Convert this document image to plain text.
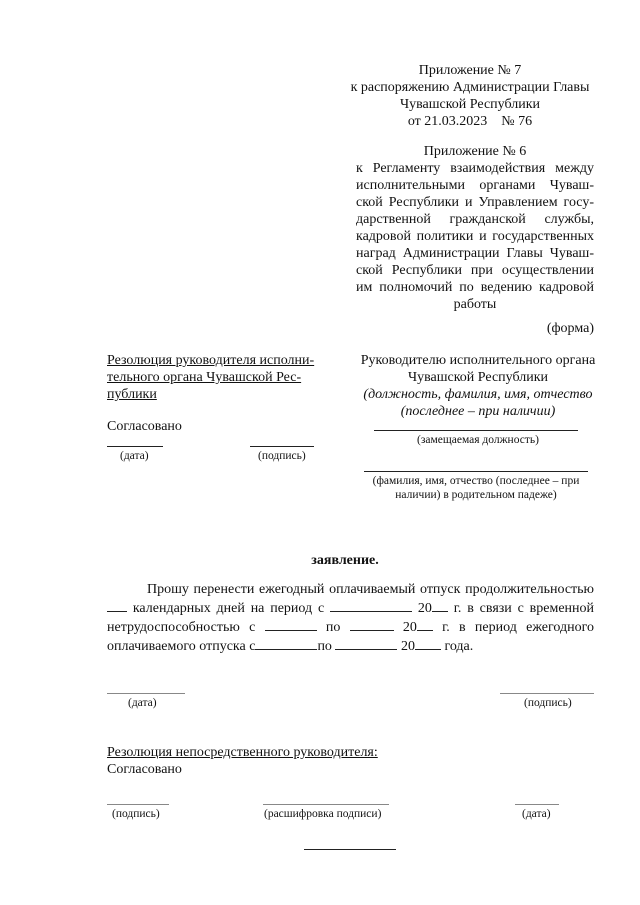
Приложение № 7
к распоряжению Администрации Главы
Чувашской Республики
от 21.03.2023    № 76
Приложение № 6
к Регламенту взаимодействия между
исполнительными органами Чуваш-
ской Республики и Управлением госу-
дарственной гражданской службы,
кадровой политики и государственных
наград Администрации Главы Чуваш-
ской Республики при осуществлении
им полномочий по ведению кадровой
работы
(форма)
Резолюция руководителя исполни-
тельного органа Чувашской Рес-
публики
Согласовано
(дата)	(подпись)
Руководителю исполнительного органа
Чувашской Республики
(должность, фамилия, имя, отчество
(последнее – при наличии)
(замещаемая должность)
(фамилия, имя, отчество (последнее – при
наличии) в родительном падеже)
заявление.
Прошу перенести ежегодный оплачиваемый отпуск продолжительностью
календарных дней на период с	20 г. в связи с временной
нетрудоспособностью с	по	20 г. в период ежегодного
оплачиваемого отпуска с	по	20 года.
(дата)	(подпись)
Резолюция непосредственного руководителя:
Согласовано
(подпись)	(расшифровка подписи)	(дата)
